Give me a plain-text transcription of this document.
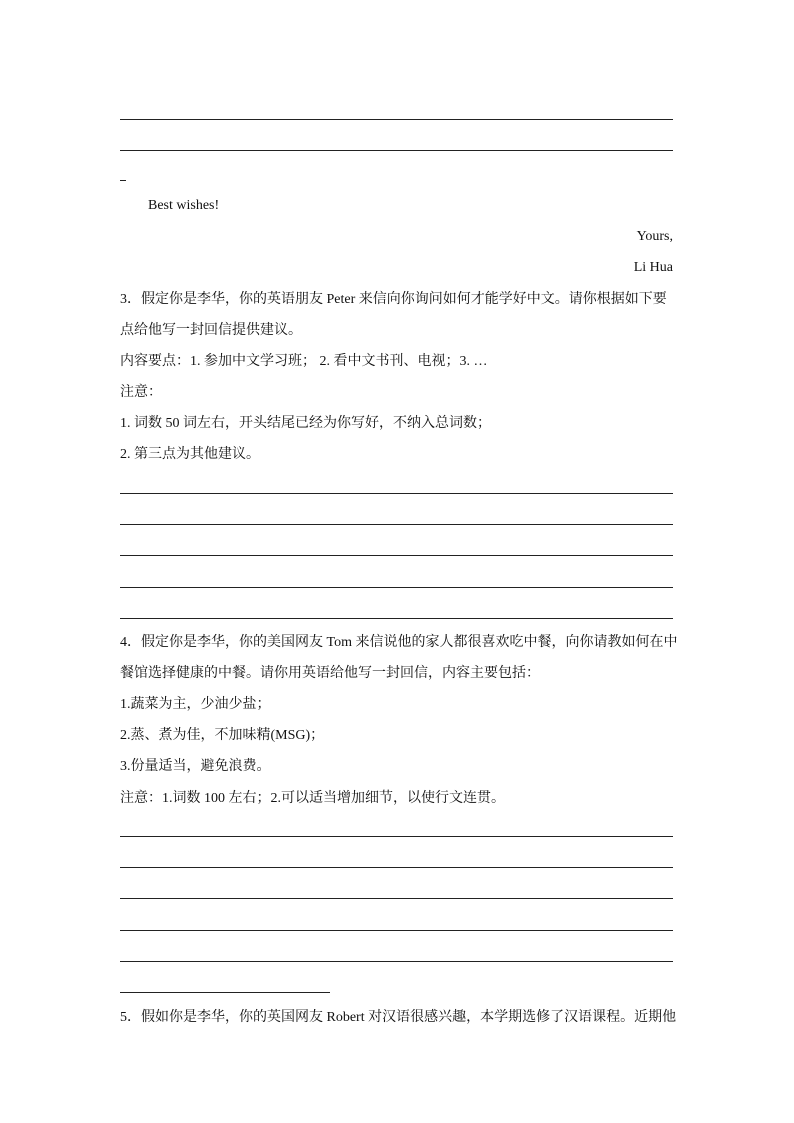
Best wishes!
Yours,
Li Hua
3．假定你是李华，你的英语朋友 Peter 来信向你询问如何才能学好中文。请你根据如下要
点给他写一封回信提供建议。
内容要点：1. 参加中文学习班； 2. 看中文书刊、电视；3. …
注意：
1. 词数 50 词左右，开头结尾已经为你写好，不纳入总词数；
2. 第三点为其他建议。
4．假定你是李华，你的美国网友 Tom 来信说他的家人都很喜欢吃中餐，向你请教如何在中
餐馆选择健康的中餐。请你用英语给他写一封回信，内容主要包括：
1.蔬菜为主，少油少盐；
2.蒸、煮为佳，不加味精(MSG)；
3.份量适当，避免浪费。
注意：1.词数 100 左右；2.可以适当增加细节，以使行文连贯。
5．假如你是李华，你的英国网友 Robert 对汉语很感兴趣，本学期选修了汉语课程。近期他
